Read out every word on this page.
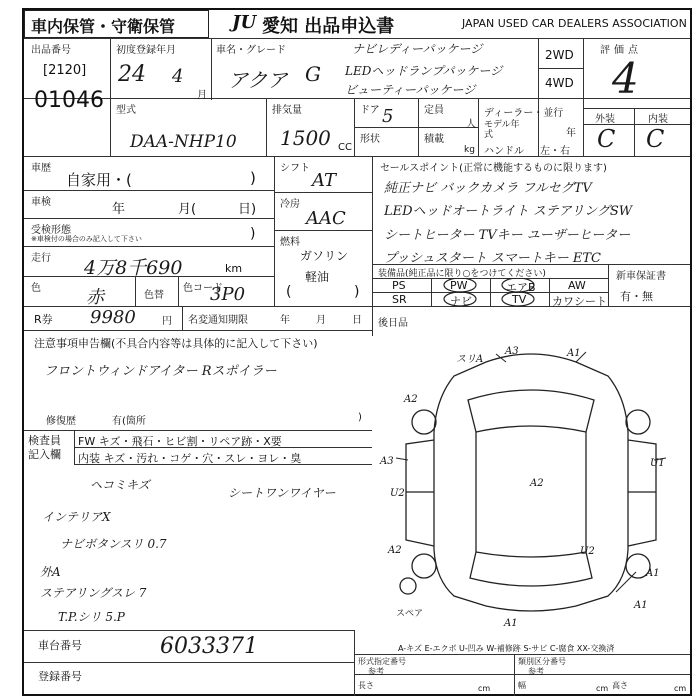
車内保管・守衛保管	JU 愛知 出品申込書	JAPAN USED CAR DEALERS ASSOCIATION
出品番号
[2120]
01046
初度登録年月
24 4
月
車名・グレード
アクア G
ナビレディーパッケージ
LEDヘッドランプパッケージ
ビューティーパッケージ
2WD
4WD
評価点
4
外装	内装
C C
型式
DAA-NHP10
排気量
1500 CC
ドア 5
形状
定員
人
積載
kg
ディーラー・並行
モデル年式	年
ハンドル 左・右
車歴
自家用・(	)
車検	年	月(	日)
受検形態
※車検付の場合のみ記入して下さい	)
走行 4万8千690	km
色	赤	色替
色コード
3P0
シフト
AT
冷房
AAC
燃料
ガソリン
軽油
(	)
セールスポイント(正常に機能するものに限ります)
純正ナビ バックカメラ フルセグTV
LEDヘッドオートライト ステアリングSW
シートヒーター TVキー ユーザーヒーター
プッシュスタート スマートキー ETC
装備品(純正品に限り○をつけてください)
PS	PW	エアB	AW
SR	ナビ	TV カワシート
新車保証書
有・無
R券 9980	円 名変通知期限	年	月	日 後日品
注意事項申告欄(不具合内容等は具体的に記入して下さい)
フロントウィンドアイター Rスポイラー
修復歴	有(箇所	)
検査員記入欄
FW キズ・飛石・ヒビ割・リペア跡・X要
内装 キズ・汚れ・コゲ・穴・スレ・ヨレ・臭
ヘコミキズ
シートワンワイヤー
インテリアX
ナビボタンスリ 0.7
外A
ステアリングスレ 7
T.P.シリ 5.P
車台番号	6033371
登録番号
スリA
A3	A1
A2
U1
A3
A2
U2
A2	U2
A1
A1
A1
スペア
A-キズ E-エクボ U-凹み W-補修跡 S-サビ C-腐食 XX-交換済
形式指定番号
参考
類別区分番号
参考
長さ	cm	幅	cm 高さ	cm
